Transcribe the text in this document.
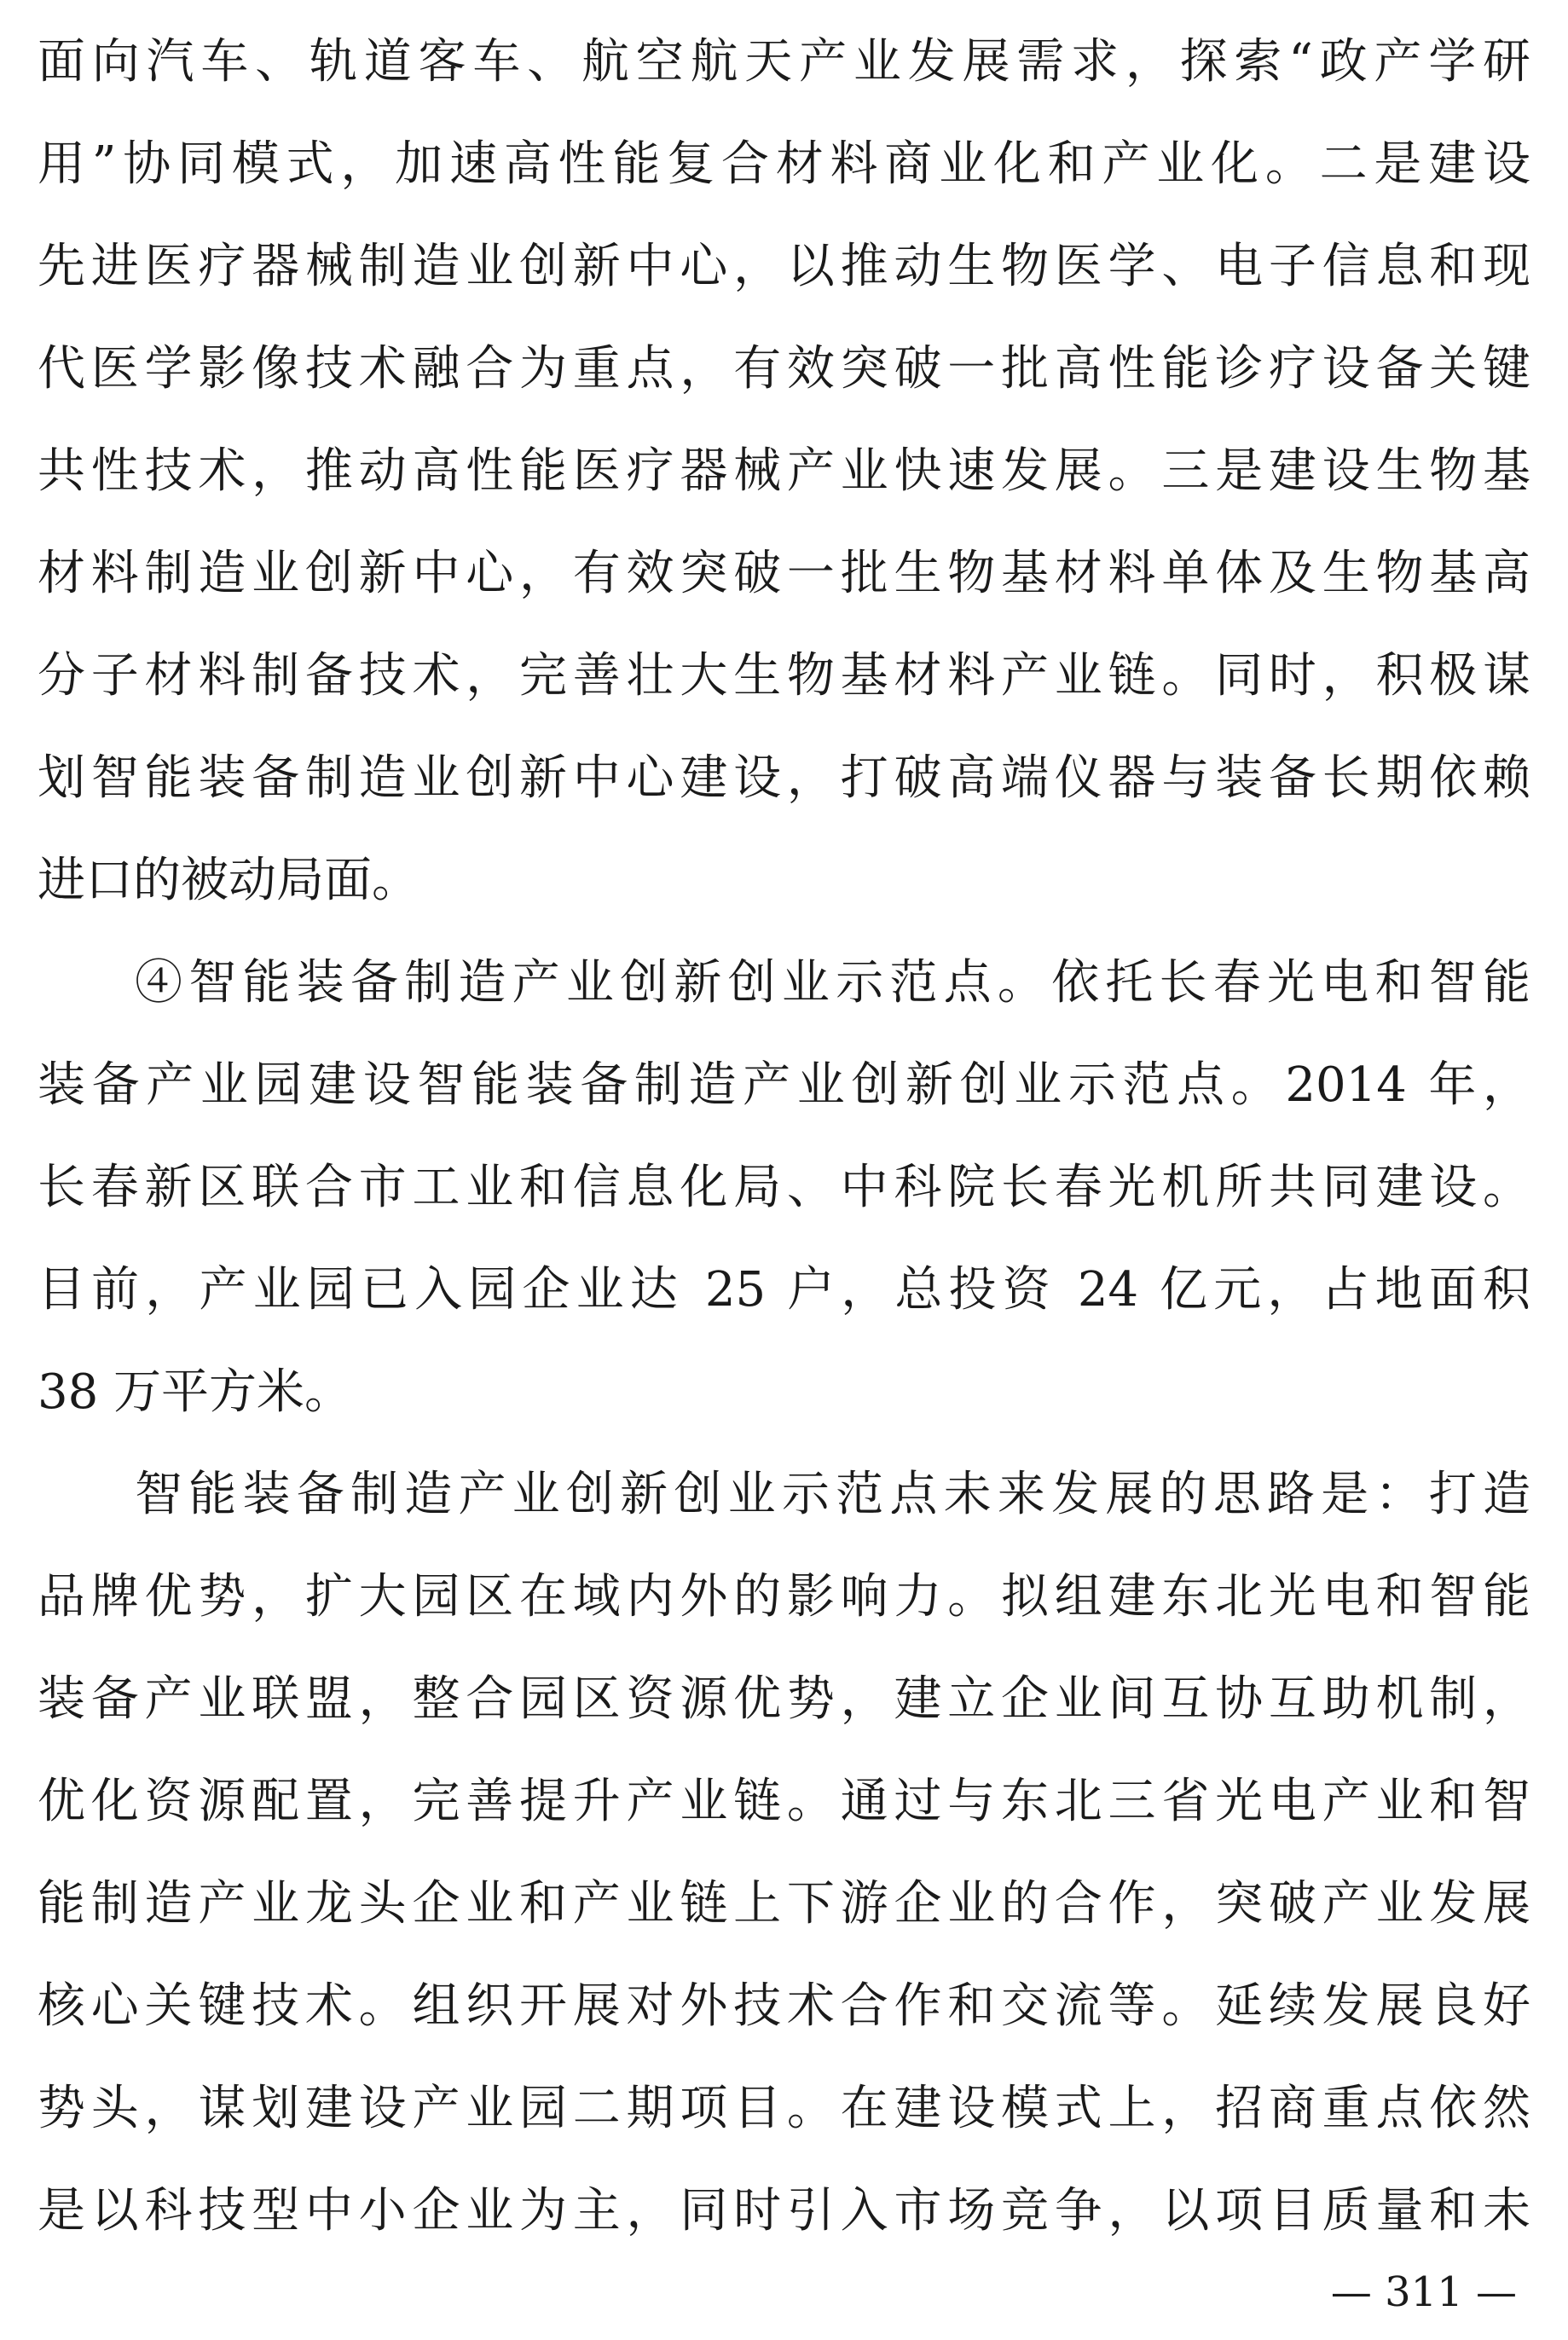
面向汽车、轨道客车、航空航天产业发展需求，探索“政产学研
用”协同模式，加速高性能复合材料商业化和产业化。二是建设
先进医疗器械制造业创新中心，以推动生物医学、电子信息和现
代医学影像技术融合为重点，有效突破一批高性能诊疗设备关键
共性技术，推动高性能医疗器械产业快速发展。三是建设生物基
材料制造业创新中心，有效突破一批生物基材料单体及生物基高
分子材料制备技术，完善壮大生物基材料产业链。同时，积极谋
划智能装备制造业创新中心建设，打破高端仪器与装备长期依赖
进口的被动局面。
④智能装备制造产业创新创业示范点。依托长春光电和智能
装备产业园建设智能装备制造产业创新创业示范点。2014 年，
长春新区联合市工业和信息化局、中科院长春光机所共同建设。
目前，产业园已入园企业达 25 户，总投资 24 亿元，占地面积
38 万平方米。
智能装备制造产业创新创业示范点未来发展的思路是：打造
品牌优势，扩大园区在域内外的影响力。拟组建东北光电和智能
装备产业联盟，整合园区资源优势，建立企业间互协互助机制，
优化资源配置，完善提升产业链。通过与东北三省光电产业和智
能制造产业龙头企业和产业链上下游企业的合作，突破产业发展
核心关键技术。组织开展对外技术合作和交流等。延续发展良好
势头，谋划建设产业园二期项目。在建设模式上，招商重点依然
是以科技型中小企业为主，同时引入市场竞争，以项目质量和未
— 311 —
